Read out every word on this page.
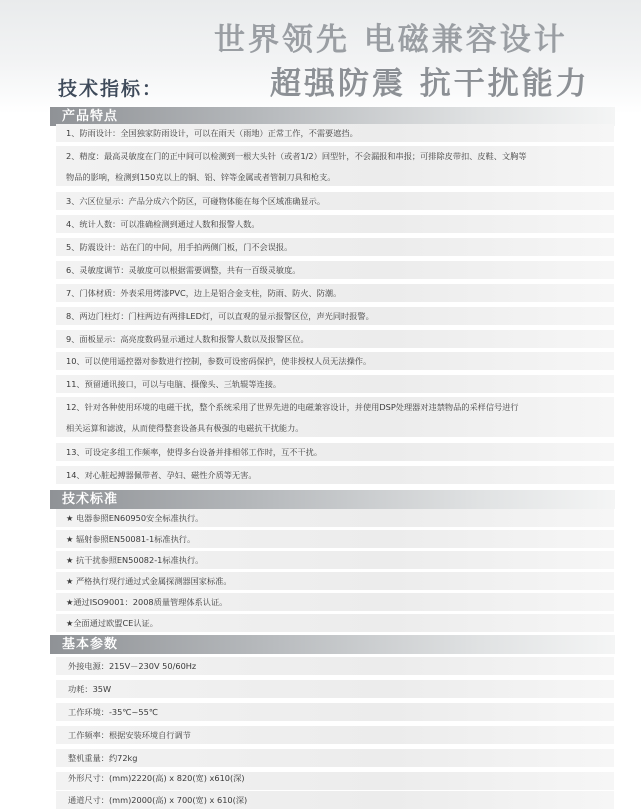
世界领先 电磁兼容设计
超强防震 抗干扰能力
技术指标：
产品特点
1、防雨设计：全国独家防雨设计，可以在雨天（雨地）正常工作，不需要遮挡。
2、精度：最高灵敏度在门的正中间可以检测到一根大头针（或者1/2）回型针，不会漏报和串报；可排除皮带扣、皮鞋、文胸等
物品的影响，检测到150克以上的铜、铝、锌等金属或者管制刀具和枪支。
3、六区位显示：产品分成六个防区，可碰物体能在每个区域准确显示。
4、统计人数：可以准确检测到通过人数和报警人数。
5、防震设计：站在门的中间，用手拍两侧门板，门不会误报。
6、灵敏度调节：灵敏度可以根据需要调整，共有一百级灵敏度。
7、门体材质：外表采用烤漆PVC，边上是铝合金支柱，防雨、防火、防潮。
8、两边门柱灯：门柱两边有两排LED灯，可以直观的显示报警区位，声光同时报警。
9、面板显示：高亮度数码显示通过人数和报警人数以及报警区位。
10、可以使用遥控器对参数进行控制，参数可设密码保护，使非授权人员无法操作。
11、预留通讯接口，可以与电脑、摄像头、三轨辊等连接。
12、针对各种使用环境的电磁干扰，整个系统采用了世界先进的电磁兼容设计，并使用DSP处理器对违禁物品的采样信号进行
相关运算和滤波，从而使得整套设备具有极强的电磁抗干扰能力。
13、可设定多组工作频率，使得多台设备并排相邻工作时，互不干扰。
14、对心脏起搏器佩带者、孕妇、磁性介质等无害。
技术标准
★ 电器参照EN60950安全标准执行。
★ 辐射参照EN50081-1标准执行。
★ 抗干扰参照EN50082-1标准执行。
★ 严格执行现行通过式金属探测器国家标准。
★通过ISO9001：2008质量管理体系认证。
★全面通过欧盟CE认证。
基本参数
外接电源：215V－230V 50/60Hz
功耗：35W
工作环境：-35℃~55℃
工作频率：根据安装环境自行调节
整机重量：约72kg
外形尺寸：(mm)2220(高) x 820(宽) x610(深)
通道尺寸：(mm)2000(高) x 700(宽) x 610(深)
